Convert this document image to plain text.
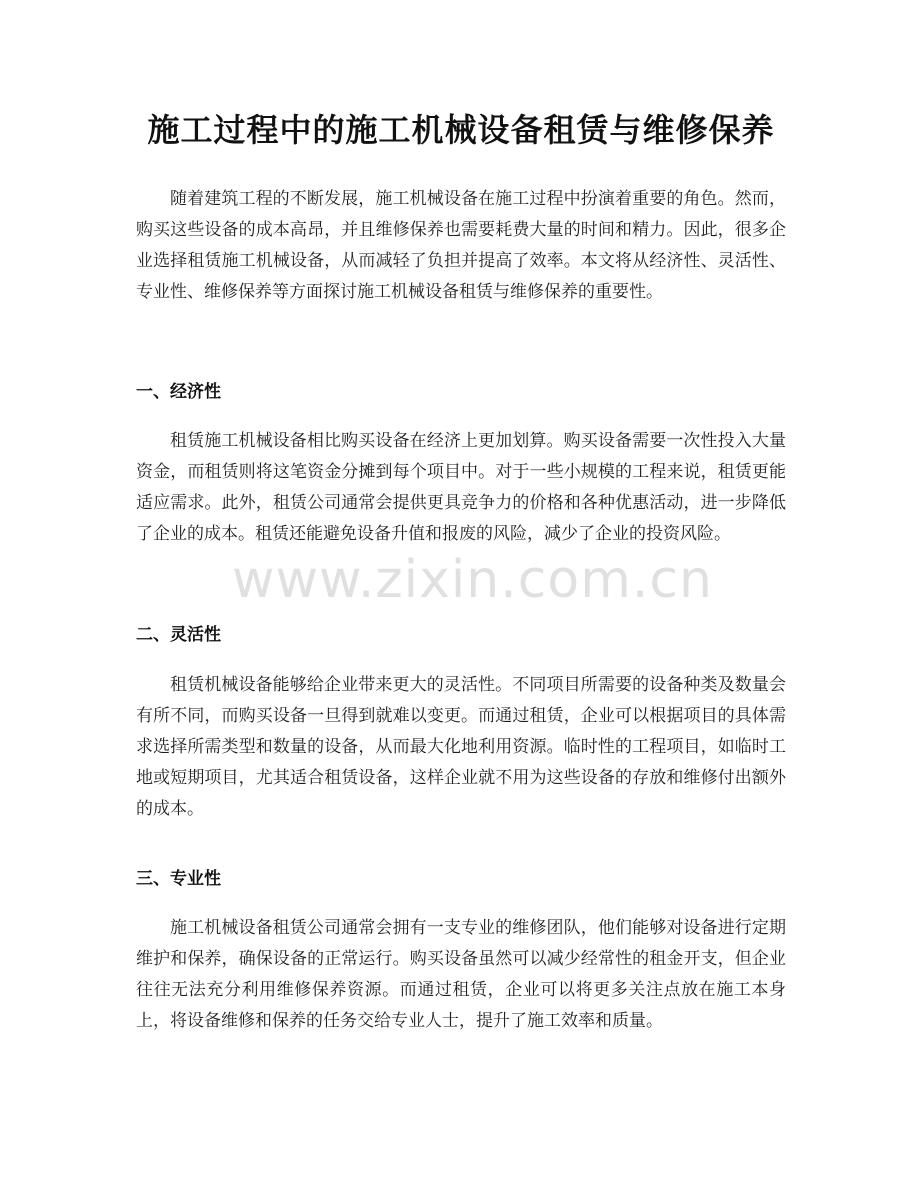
施工过程中的施工机械设备租赁与维修保养

随着建筑工程的不断发展，施工机械设备在施工过程中扮演着重要的角色。然而，购买这些设备的成本高昂，并且维修保养也需要耗费大量的时间和精力。因此，很多企业选择租赁施工机械设备，从而减轻了负担并提高了效率。本文将从经济性、灵活性、专业性、维修保养等方面探讨施工机械设备租赁与维修保养的重要性。

一、经济性

租赁施工机械设备相比购买设备在经济上更加划算。购买设备需要一次性投入大量资金，而租赁则将这笔资金分摊到每个项目中。对于一些小规模的工程来说，租赁更能适应需求。此外，租赁公司通常会提供更具竞争力的价格和各种优惠活动，进一步降低了企业的成本。租赁还能避免设备升值和报废的风险，减少了企业的投资风险。

二、灵活性

租赁机械设备能够给企业带来更大的灵活性。不同项目所需要的设备种类及数量会有所不同，而购买设备一旦得到就难以变更。而通过租赁，企业可以根据项目的具体需求选择所需类型和数量的设备，从而最大化地利用资源。临时性的工程项目，如临时工地或短期项目，尤其适合租赁设备，这样企业就不用为这些设备的存放和维修付出额外的成本。

三、专业性

施工机械设备租赁公司通常会拥有一支专业的维修团队，他们能够对设备进行定期维护和保养，确保设备的正常运行。购买设备虽然可以减少经常性的租金开支，但企业往往无法充分利用维修保养资源。而通过租赁，企业可以将更多关注点放在施工本身上，将设备维修和保养的任务交给专业人士，提升了施工效率和质量。

www.zixin.com.cn
